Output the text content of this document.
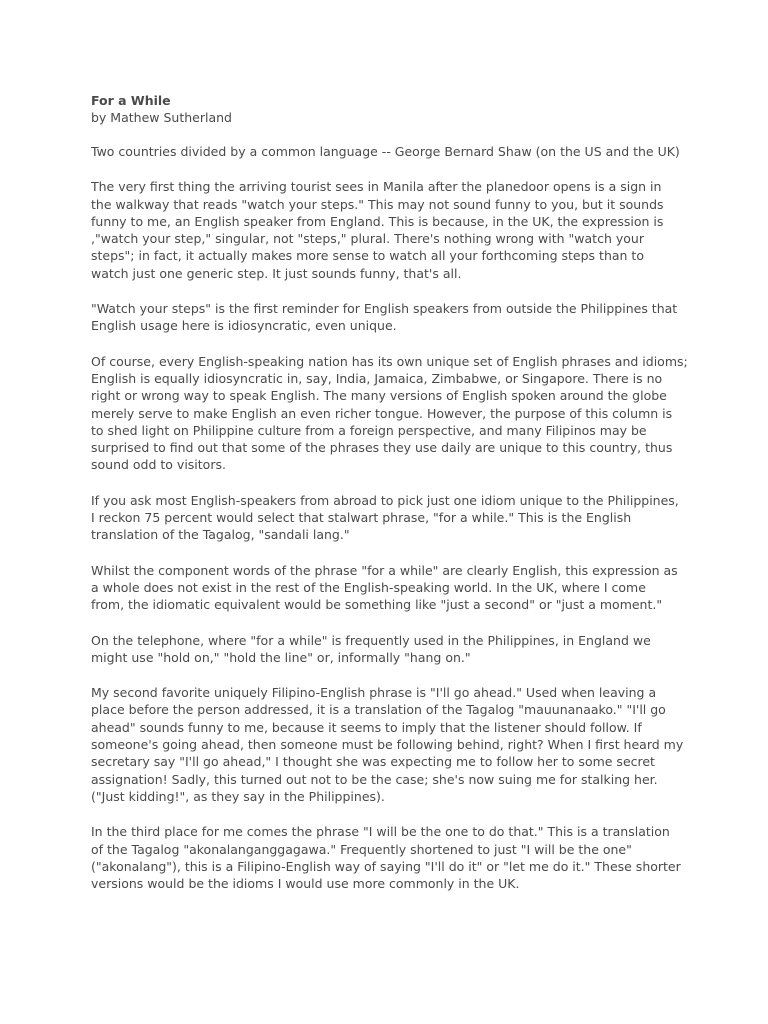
For a While

by Mathew Sutherland

Two countries divided by a common language -- George Bernard Shaw (on the US and the UK)

The very first thing the arriving tourist sees in Manila after the planedoor opens is a sign in
the walkway that reads "watch your steps." This may not sound funny to you, but it sounds
funny to me, an English speaker from England. This is because, in the UK, the expression is
,"watch your step," singular, not "steps," plural. There's nothing wrong with "watch your
steps"; in fact, it actually makes more sense to watch all your forthcoming steps than to
watch just one generic step. It just sounds funny, that's all.

"Watch your steps" is the first reminder for English speakers from outside the Philippines that
English usage here is idiosyncratic, even unique.

Of course, every English-speaking nation has its own unique set of English phrases and idioms;
English is equally idiosyncratic in, say, India, Jamaica, Zimbabwe, or Singapore. There is no
right or wrong way to speak English. The many versions of English spoken around the globe
merely serve to make English an even richer tongue. However, the purpose of this column is
to shed light on Philippine culture from a foreign perspective, and many Filipinos may be
surprised to find out that some of the phrases they use daily are unique to this country, thus
sound odd to visitors.

If you ask most English-speakers from abroad to pick just one idiom unique to the Philippines,
I reckon 75 percent would select that stalwart phrase, "for a while." This is the English
translation of the Tagalog, "sandali lang."

Whilst the component words of the phrase "for a while" are clearly English, this expression as
a whole does not exist in the rest of the English-speaking world. In the UK, where I come
from, the idiomatic equivalent would be something like "just a second" or "just a moment."

On the telephone, where "for a while" is frequently used in the Philippines, in England we
might use "hold on," "hold the line" or, informally "hang on."

My second favorite uniquely Filipino-English phrase is "I'll go ahead." Used when leaving a
place before the person addressed, it is a translation of the Tagalog "mauunanaako." "I'll go
ahead" sounds funny to me, because it seems to imply that the listener should follow. If
someone's going ahead, then someone must be following behind, right? When I first heard my
secretary say "I'll go ahead," I thought she was expecting me to follow her to some secret
assignation! Sadly, this turned out not to be the case; she's now suing me for stalking her.
("Just kidding!", as they say in the Philippines).

In the third place for me comes the phrase "I will be the one to do that." This is a translation
of the Tagalog "akonalanganggagawa." Frequently shortened to just "I will be the one"
("akonalang"), this is a Filipino-English way of saying "I'll do it" or "let me do it." These shorter
versions would be the idioms I would use more commonly in the UK.
